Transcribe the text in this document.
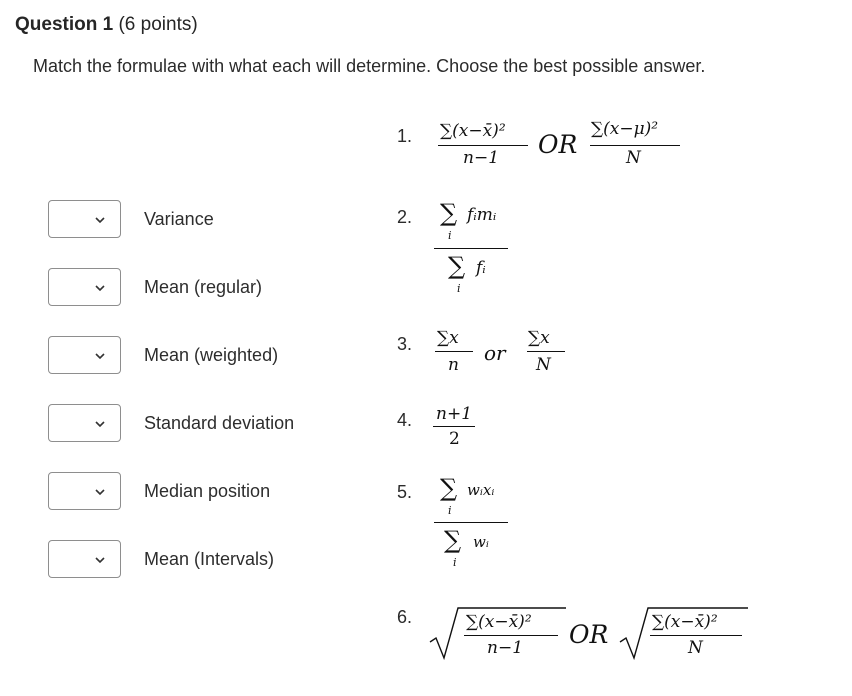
Question 1 (6 points)
Match the formulae with what each will determine. Choose the best possible answer.
Variance
Mean (regular)
Mean (weighted)
Standard deviation
Median position
Mean (Intervals)
1. ∑(x−x̄)²
n−1 OR
∑(x−μ)²
N
2. ∑ fᵢmᵢ
i
∑ fᵢ
i
3. ∑x
n or
∑x
N
4. n+1
2
5. ∑ wᵢxᵢ
i
∑ wᵢ
i
6.	∑(x−x̄)²
n−1 OR	∑(x−x̄)²
N
